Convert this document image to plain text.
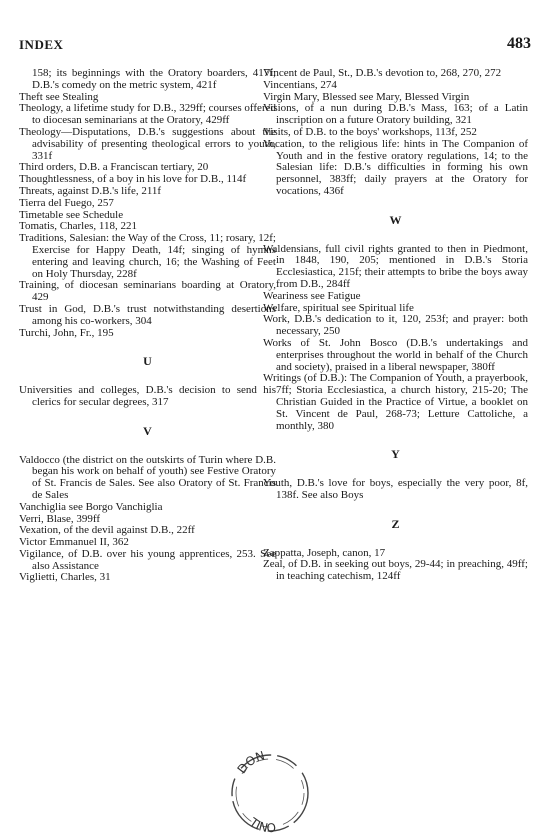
INDEX	483
158; its beginnings with the Oratory boarders, 417f; D.B.'s comedy on the metric system, 421f
Theft see Stealing
Theology, a lifetime study for D.B., 329ff; courses offered to diocesan seminarians at the Oratory, 429ff
Theology—Disputations, D.B.'s suggestions about the advisability of presenting theological errors to youth, 331f
Third orders, D.B. a Franciscan tertiary, 20
Thoughtlessness, of a boy in his love for D.B., 114f
Threats, against D.B.'s life, 211f
Tierra del Fuego, 257
Timetable see Schedule
Tomatis, Charles, 118, 221
Traditions, Salesian: the Way of the Cross, 11; rosary, 12f; Exercise for Happy Death, 14f; singing of hymns entering and leaving church, 16; the Washing of Feet on Holy Thursday, 228f
Training, of diocesan seminarians boarding at Oratory, 429
Trust in God, D.B.'s trust notwithstanding desertions among his co-workers, 304
Turchi, John, Fr., 195
U
Universities and colleges, D.B.'s decision to send his clerics for secular degrees, 317
V
Valdocco (the district on the outskirts of Turin where D.B. began his work on behalf of youth) see Festive Oratory of St. Francis de Sales. See also Oratory of St. Francis de Sales
Vanchiglia see Borgo Vanchiglia
Verri, Blase, 399ff
Vexation, of the devil against D.B., 22ff
Victor Emmanuel II, 362
Vigilance, of D.B. over his young apprentices, 253. See also Assistance
Viglietti, Charles, 31
Vincent de Paul, St., D.B.'s devotion to, 268, 270, 272
Vincentians, 274
Virgin Mary, Blessed see Mary, Blessed Virgin
Visions, of a nun during D.B.'s Mass, 163; of a Latin inscription on a future Oratory building, 321
Visits, of D.B. to the boys' workshops, 113f, 252
Vocation, to the religious life: hints in The Companion of Youth and in the festive oratory regulations, 14; to the Salesian life: D.B.'s difficulties in forming his own personnel, 383ff; daily prayers at the Oratory for vocations, 436f
W
Waldensians, full civil rights granted to then in Piedmont, in 1848, 190, 205; mentioned in D.B.'s Storia Ecclesiastica, 215f; their attempts to bribe the boys away from D.B., 284ff
Weariness see Fatigue
Welfare, spiritual see Spiritual life
Work, D.B.'s dedication to it, 120, 253f; and prayer: both necessary, 250
Works of St. John Bosco (D.B.'s undertakings and enterprises throughout the world in behalf of the Church and society), praised in a liberal newspaper, 380ff
Writings (of D.B.): The Companion of Youth, a prayerbook, 7ff; Storia Ecclesiastica, a church history, 215-20; The Christian Guided in the Practice of Virtue, a booklet on St. Vincent de Paul, 268-73; Letture Cattoliche, a monthly, 380
Y
Youth, D.B.'s love for boys, especially the very poor, 8f, 138f. See also Boys
Z
Zappatta, Joseph, canon, 17
Zeal, of D.B. in seeking out boys, 29-44; in preaching, 49ff; in teaching catechism, 124ff
DON
TINO
